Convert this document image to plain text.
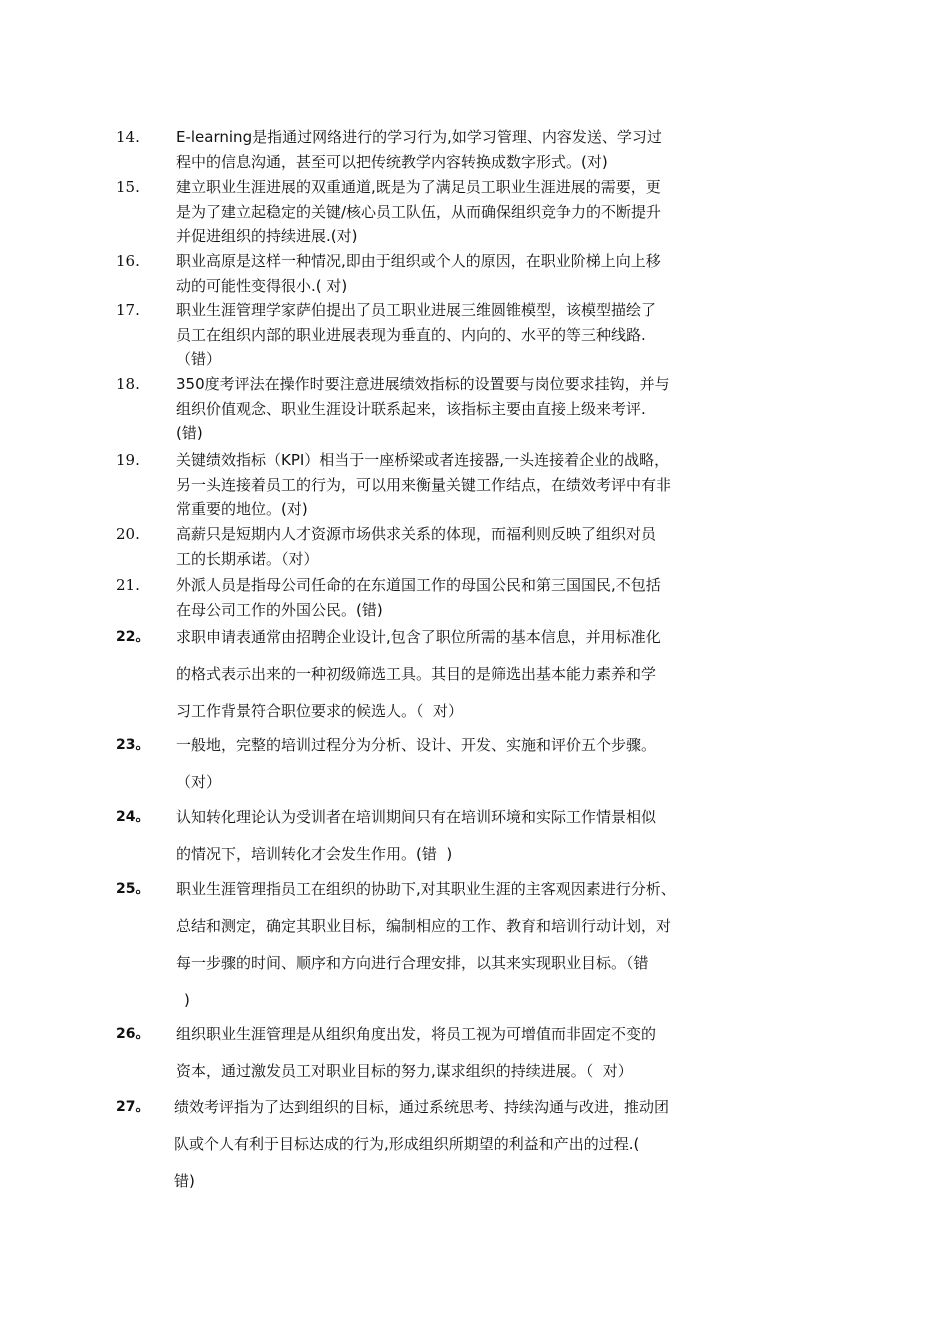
14. E-learning是指通过网络进行的学习行为,如学习管理、内容发送、学习过
程中的信息沟通，甚至可以把传统教学内容转换成数字形式。(对)
15. 建立职业生涯进展的双重通道,既是为了满足员工职业生涯进展的需要，更
是为了建立起稳定的关键/核心员工队伍，从而确保组织竞争力的不断提升
并促进组织的持续进展.(对)
16. 职业高原是这样一种情况,即由于组织或个人的原因，在职业阶梯上向上移
动的可能性变得很小.( 对)
17. 职业生涯管理学家萨伯提出了员工职业进展三维圆锥模型，该模型描绘了
员工在组织内部的职业进展表现为垂直的、内向的、水平的等三种线路.
（错）
18. 350度考评法在操作时要注意进展绩效指标的设置要与岗位要求挂钩，并与
组织价值观念、职业生涯设计联系起来，该指标主要由直接上级来考评.
(错)
19. 关键绩效指标（KPI）相当于一座桥梁或者连接器,一头连接着企业的战略，
另一头连接着员工的行为，可以用来衡量关键工作结点，在绩效考评中有非
常重要的地位。(对)
20. 高薪只是短期内人才资源市场供求关系的体现，而福利则反映了组织对员
工的长期承诺。（对）
21. 外派人员是指母公司任命的在东道国工作的母国公民和第三国国民,不包括
在母公司工作的外国公民。(错)
22。 求职申请表通常由招聘企业设计,包含了职位所需的基本信息，并用标准化
的格式表示出来的一种初级筛选工具。其目的是筛选出基本能力素养和学
习工作背景符合职位要求的候选人。（  对）
23。 一般地，完整的培训过程分为分析、设计、开发、实施和评价五个步骤。
（对）
24。 认知转化理论认为受训者在培训期间只有在培训环境和实际工作情景相似
的情况下，培训转化才会发生作用。(错  )
25。 职业生涯管理指员工在组织的协助下,对其职业生涯的主客观因素进行分析、
总结和测定，确定其职业目标，编制相应的工作、教育和培训行动计划，对
每一步骤的时间、顺序和方向进行合理安排，以其来实现职业目标。（错
)
26。 组织职业生涯管理是从组织角度出发，将员工视为可增值而非固定不变的
资本，通过激发员工对职业目标的努力,谋求组织的持续进展。（  对）
27。 绩效考评指为了达到组织的目标，通过系统思考、持续沟通与改进，推动团
队或个人有利于目标达成的行为,形成组织所期望的利益和产出的过程.(
错)
